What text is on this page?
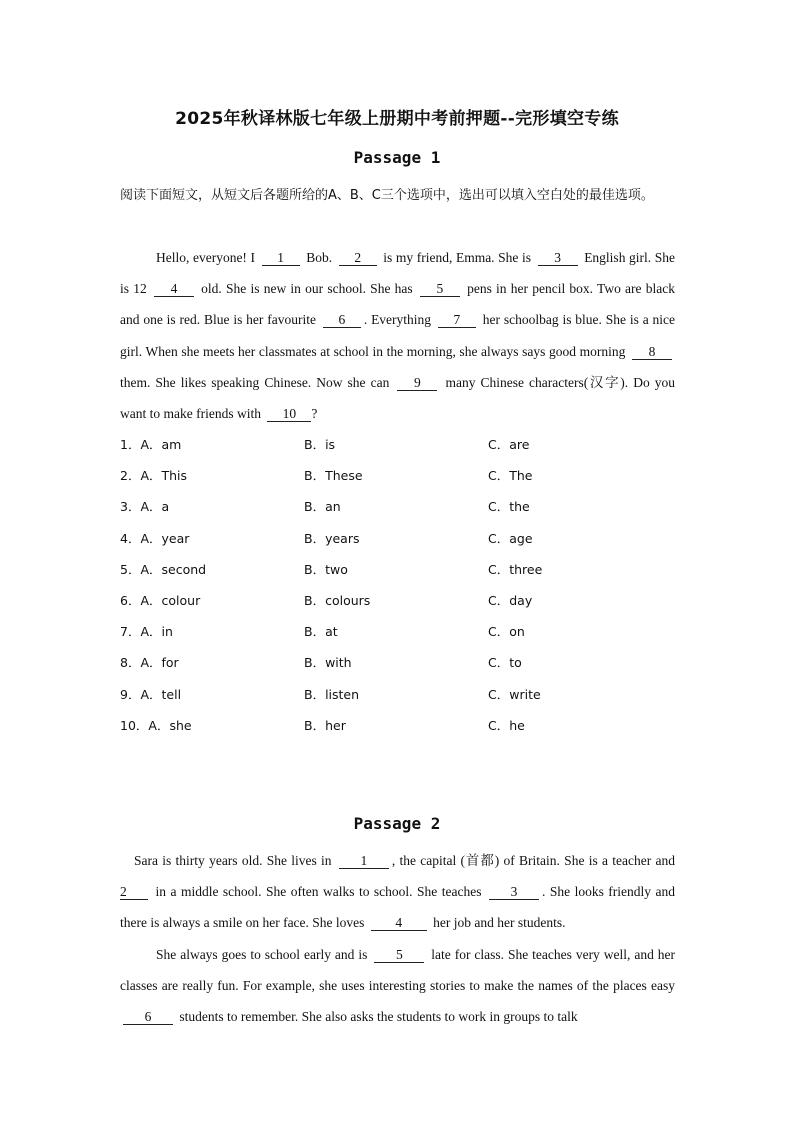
2025年秋译林版七年级上册期中考前押题--完形填空专练
Passage 1
阅读下面短文，从短文后各题所给的A、B、C三个选项中，选出可以填入空白处的最佳选项。
Hello, everyone! I 1 Bob. 2 is my friend, Emma. She is 3 English girl. She is 12 4 old. She is new in our school. She has 5 pens in her pencil box. Two are black and one is red. Blue is her favourite 6 . Everything 7 her schoolbag is blue. She is a nice girl. When she meets her classmates at school in the morning, she always says good morning 8 them. She likes speaking Chinese. Now she can 9 many Chinese characters(汉字). Do you want to make friends with 10 ?
1．A．am	B．is	C．are
2．A．This	B．These	C．The
3．A．a	B．an	C．the
4．A．year	B．years	C．age
5．A．second	B．two	C．three
6．A．colour	B．colours	C．day
7．A．in	B．at	C．on
8．A．for	B．with	C．to
9．A．tell	B．listen	C．write
10．A．she	B．her	C．he
Passage 2
Sara is thirty years old. She lives in 1 , the capital (首都) of Britain. She is a teacher and 2 in a middle school. She often walks to school. She teaches 3 . She looks friendly and there is always a smile on her face. She loves 4 her job and her students.
She always goes to school early and is 5 late for class. She teaches very well, and her classes are really fun. For example, she uses interesting stories to make the names of the places easy 6 students to remember. She also asks the students to work in groups to talk
